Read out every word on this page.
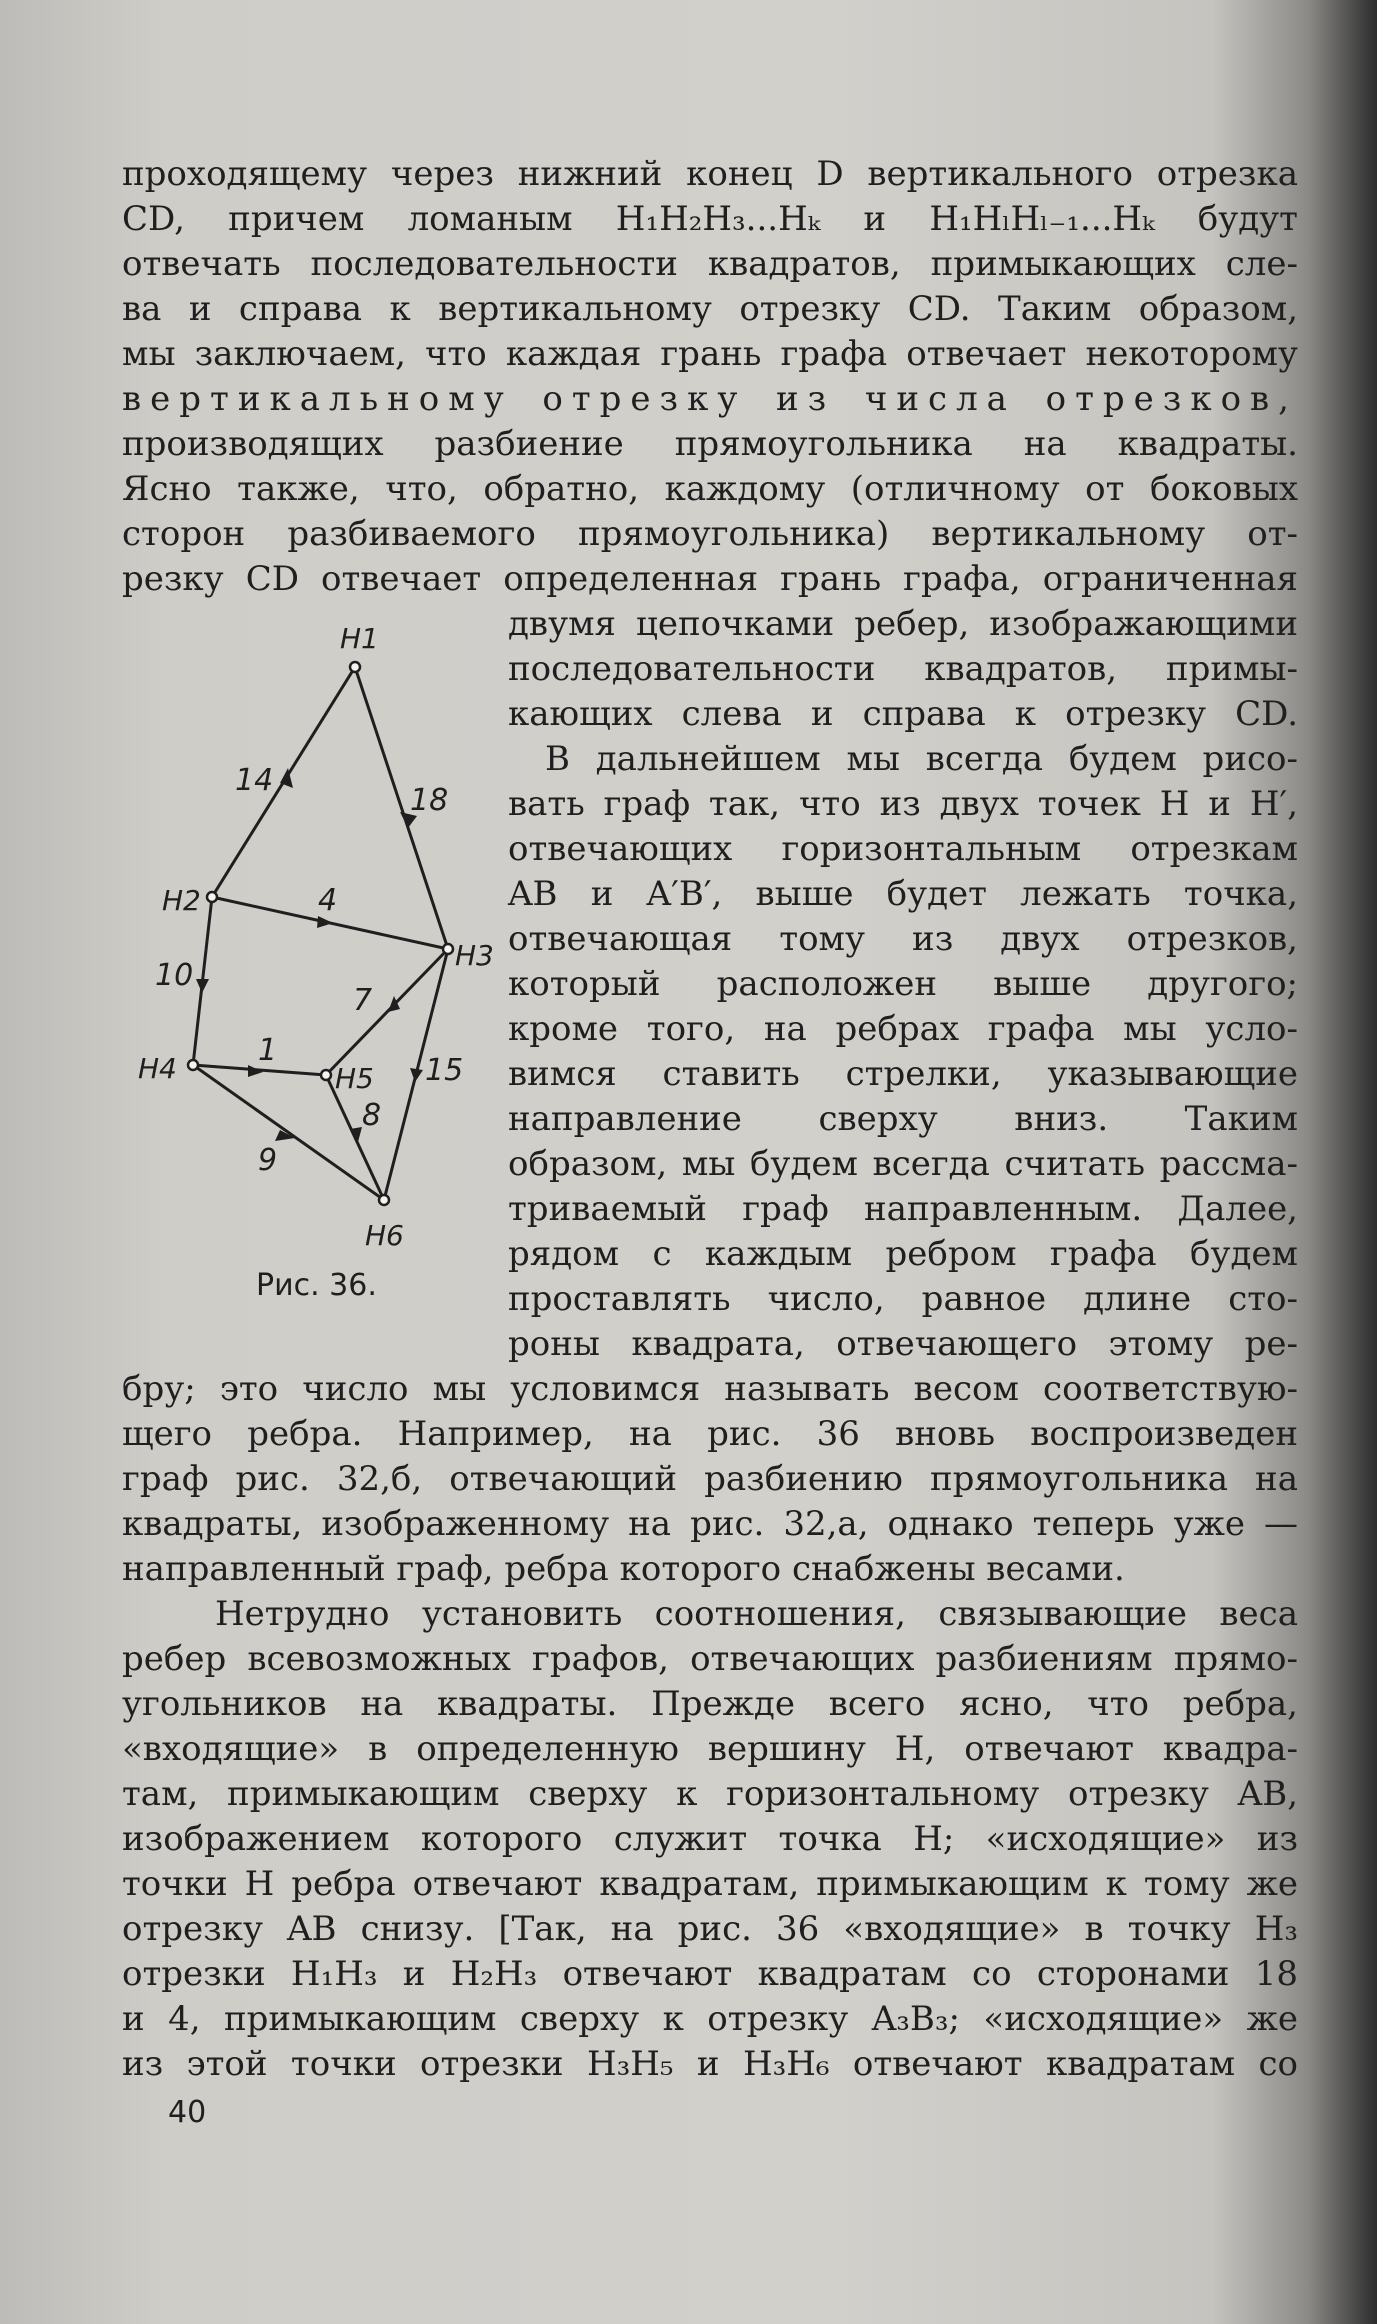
проходящему через нижний конец D вертикального отрезка
CD, причем ломаным H₁H₂H₃...Hₖ и H₁HₗHₗ₋₁...Hₖ будут
отвечать последовательности квадратов, примыкающих сле-
ва и справа к вертикальному отрезку CD. Таким образом,
мы заключаем, что каждая грань графа отвечает некоторому
вертикальному отрезку из числа отрезков,
производящих разбиение прямоугольника на квадраты.
Ясно также, что, обратно, каждому (отличному от боковых
сторон разбиваемого прямоугольника) вертикальному от-
резку CD отвечает определенная грань графа, ограниченная
двумя цепочками ребер, изображающими
последовательности квадратов, примы-
кающих слева и справа к отрезку CD.
В дальнейшем мы всегда будем рисо-
вать граф так, что из двух точек H и H′,
отвечающих горизонтальным отрезкам
AB и A′B′, выше будет лежать точка,
отвечающая тому из двух отрезков,
который расположен выше другого;
кроме того, на ребрах графа мы усло-
вимся ставить стрелки, указывающие
направление сверху вниз. Таким
образом, мы будем всегда считать рассма-
триваемый граф направленным. Далее,
рядом с каждым ребром графа будем
проставлять число, равное длине сто-
роны квадрата, отвечающего этому ре-
бру; это число мы условимся называть весом соответствую-
щего ребра. Например, на рис. 36 вновь воспроизведен
граф рис. 32,б, отвечающий разбиению прямоугольника на
квадраты, изображенному на рис. 32,а, однако теперь уже —
направленный граф, ребра которого снабжены весами.
Нетрудно установить соотношения, связывающие веса
ребер всевозможных графов, отвечающих разбиениям прямо-
угольников на квадраты. Прежде всего ясно, что ребра,
«входящие» в определенную вершину H, отвечают квадра-
там, примыкающим сверху к горизонтальному отрезку AB,
изображением которого служит точка H; «исходящие» из
точки H ребра отвечают квадратам, примыкающим к тому же
отрезку AB снизу. [Так, на рис. 36 «входящие» в точку H₃
отрезки H₁H₃ и H₂H₃ отвечают квадратам со сторонами 18
и 4, примыкающим сверху к отрезку A₃B₃; «исходящие» же
из этой точки отрезки H₃H₅ и H₃H₆ отвечают квадратам со
H1
H2
H3
H4	H5
H6
14
18
4
10
7
1
15
8
9
Рис. 36.
40
